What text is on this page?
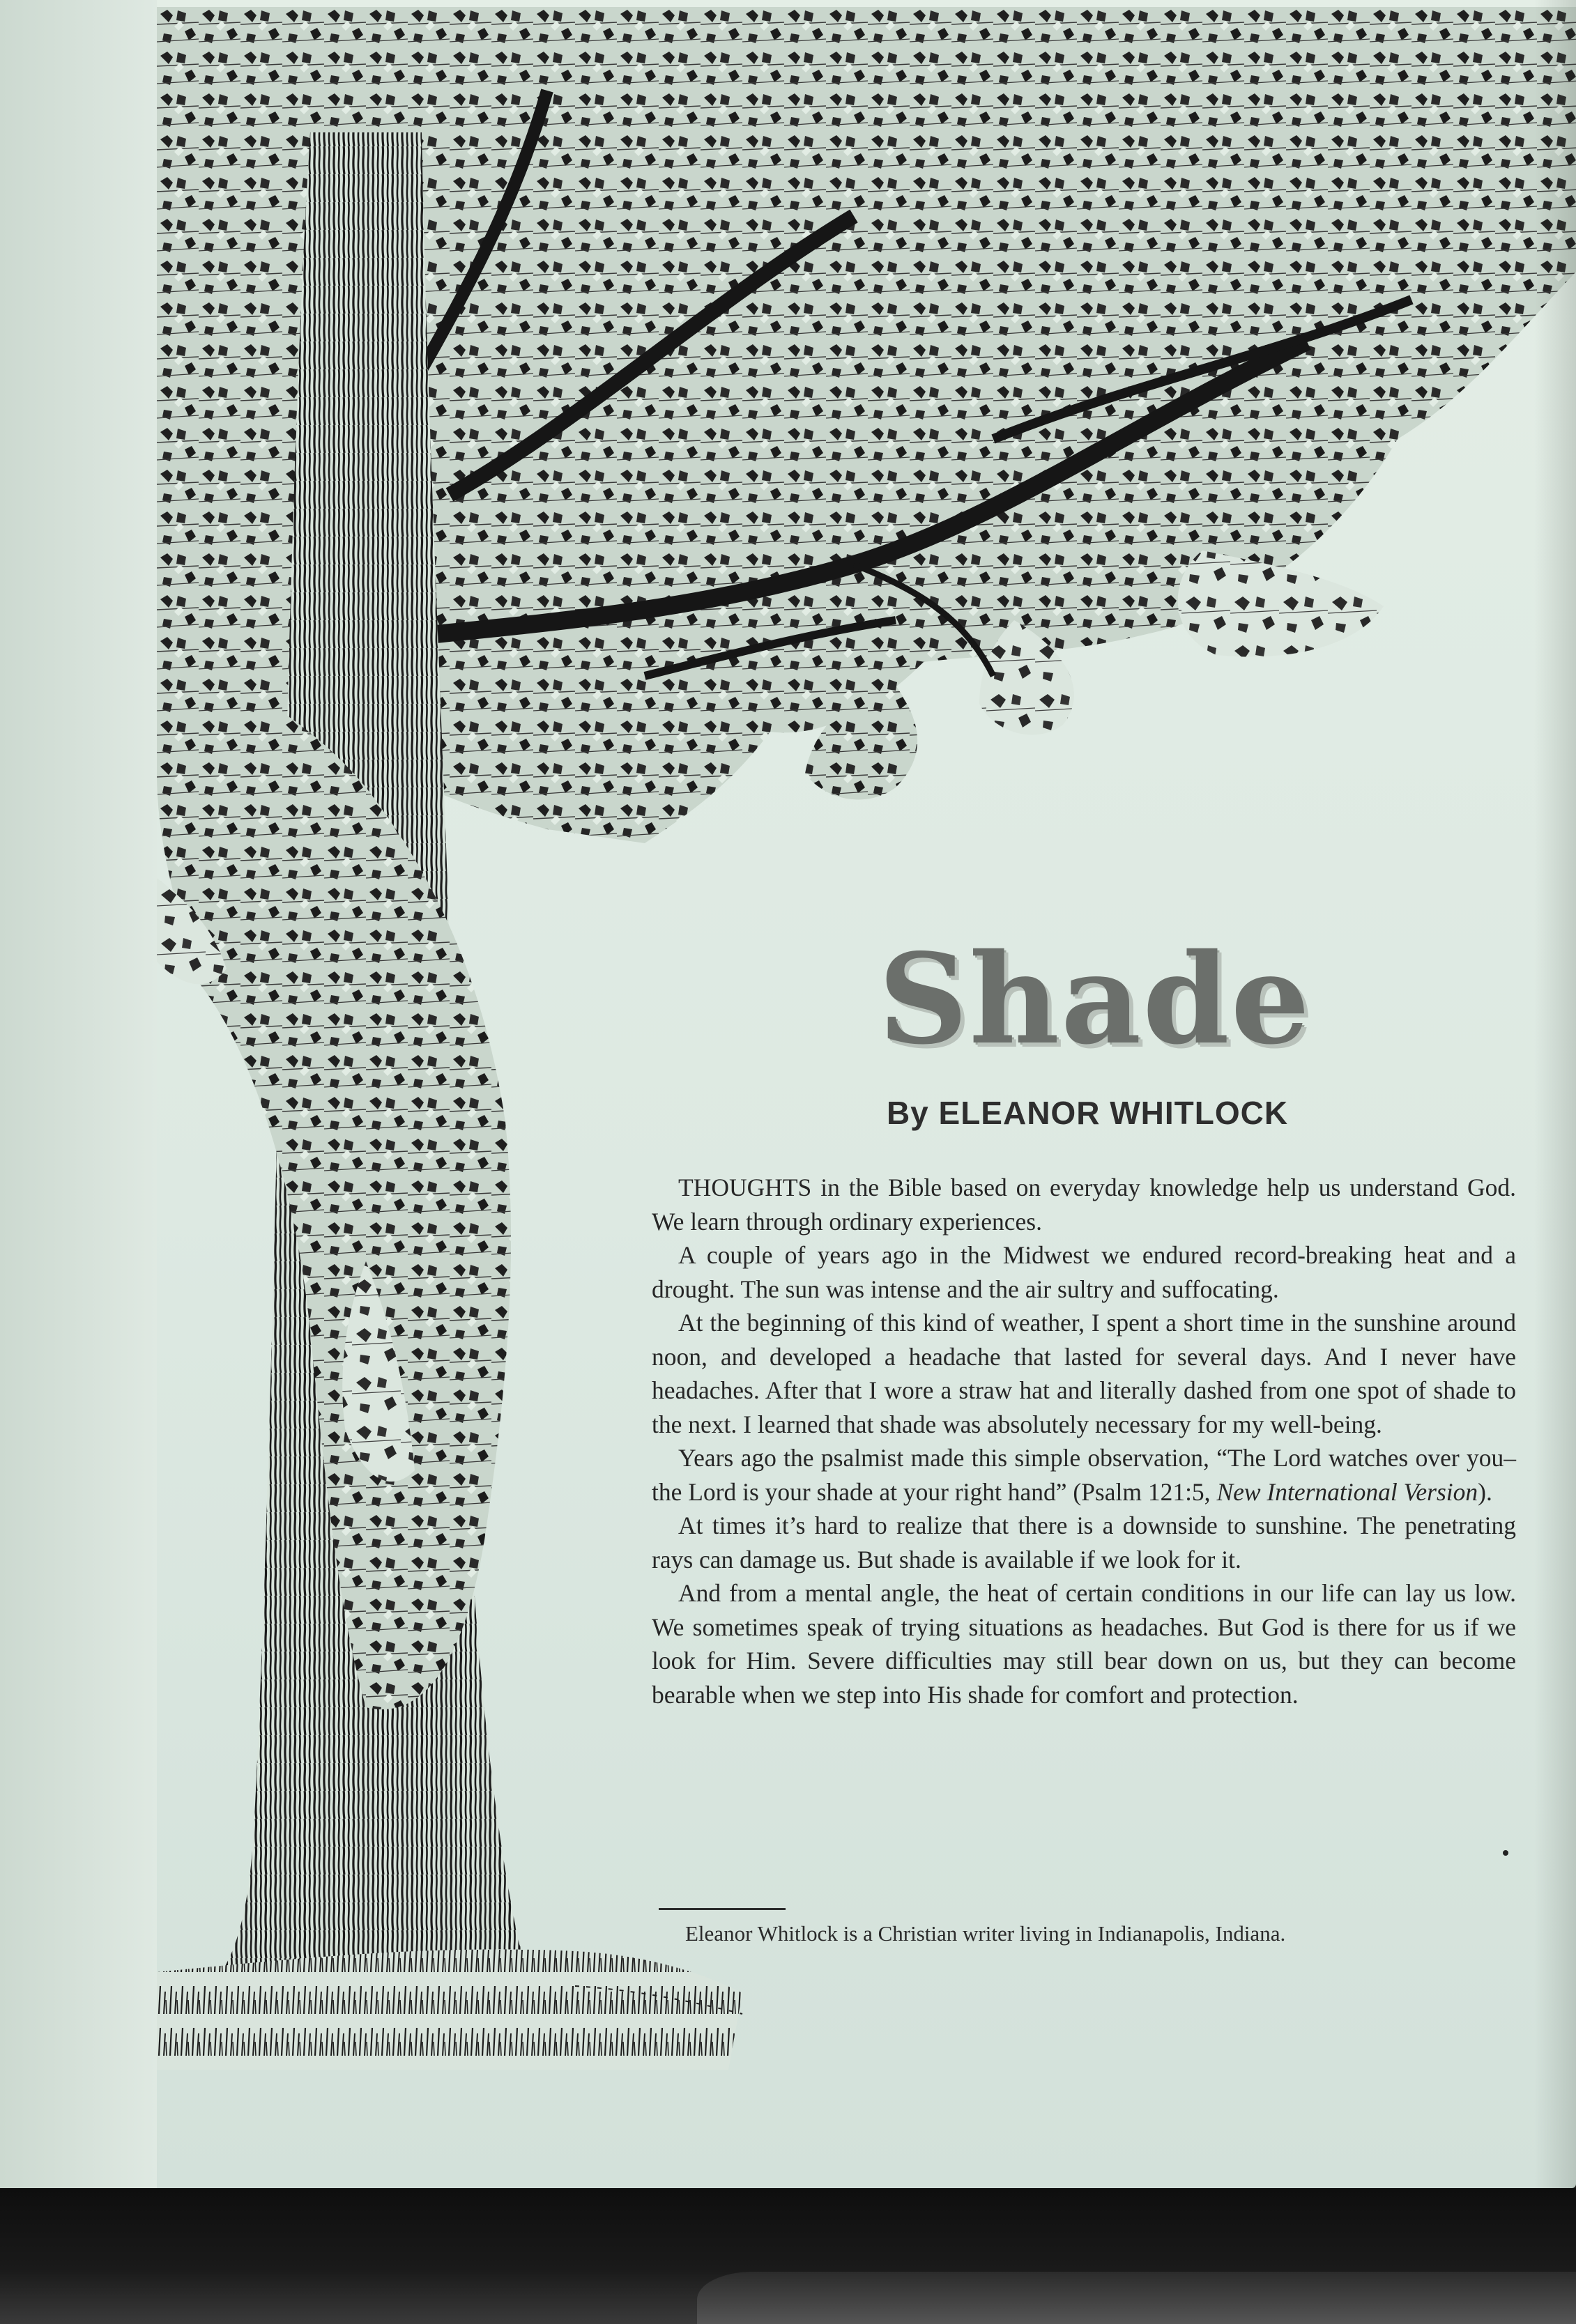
Shade
By ELEANOR WHITLOCK

THOUGHTS in the Bible based on everyday knowledge help us understand God. We learn through ordinary experiences.

A couple of years ago in the Midwest we endured record-breaking heat and a drought. The sun was intense and the air sultry and suffocating.

At the beginning of this kind of weather, I spent a short time in the sunshine around noon, and developed a headache that lasted for several days. And I never have headaches. After that I wore a straw hat and literally dashed from one spot of shade to the next. I learned that shade was absolutely necessary for my well-being.

Years ago the psalmist made this simple observation, “The Lord watches over you–the Lord is your shade at your right hand” (Psalm 121:5, New International Version).

At times it’s hard to realize that there is a downside to sunshine. The penetrating rays can damage us. But shade is available if we look for it.

And from a mental angle, the heat of certain conditions in our life can lay us low. We sometimes speak of trying situations as headaches. But God is there for us if we look for Him. Severe difficulties may still bear down on us, but they can become bearable when we step into His shade for comfort and protection.

Eleanor Whitlock is a Christian writer living in Indianapolis, Indiana.
